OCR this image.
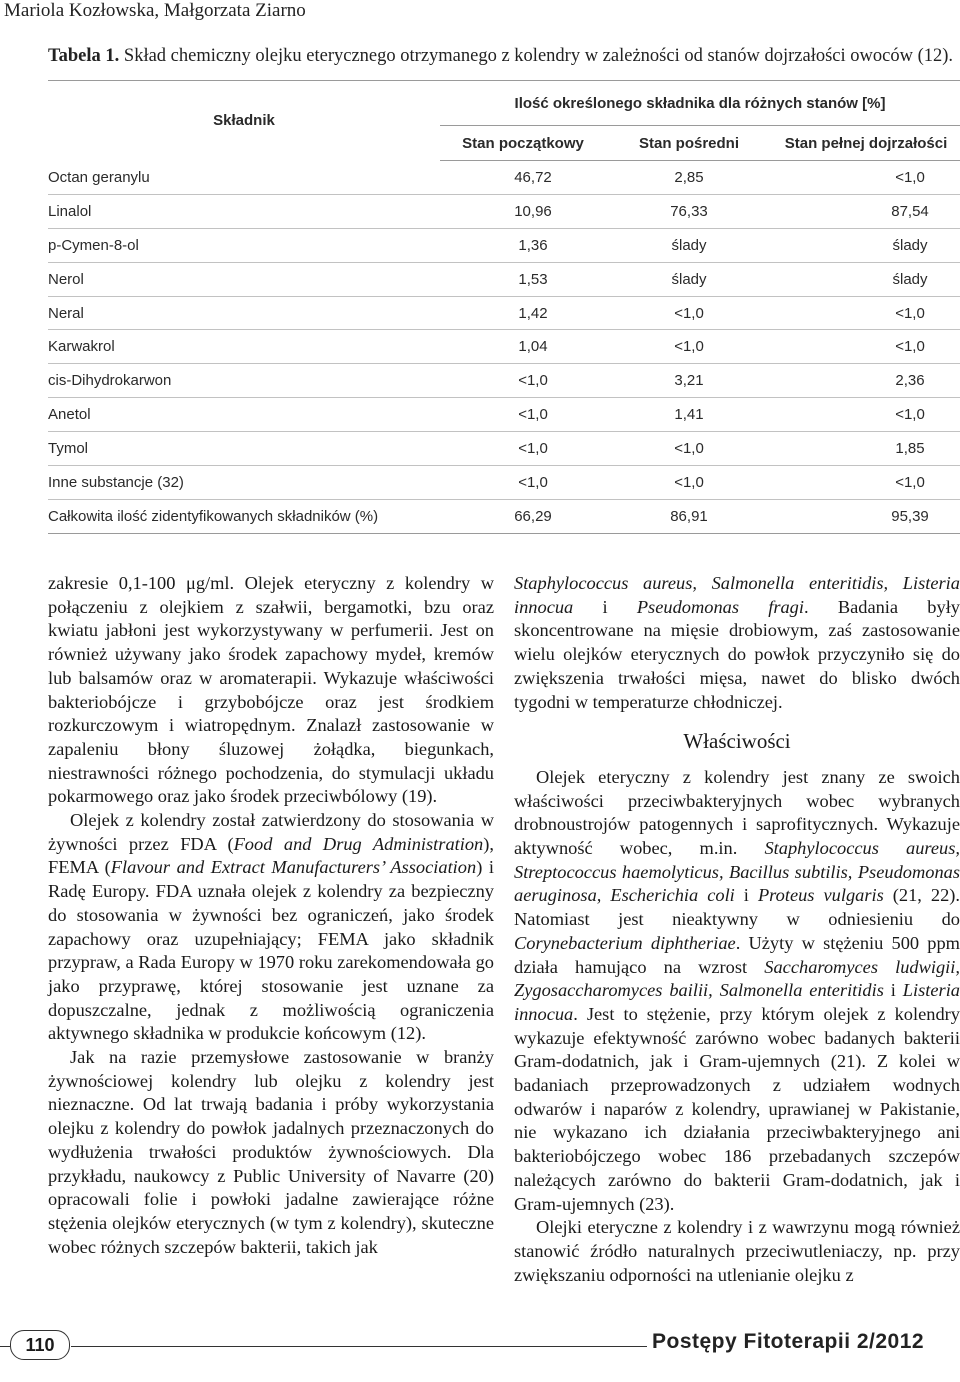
Mariola Kozłowska, Małgorzata Ziarno
Tabela 1. Skład chemiczny olejku eterycznego otrzymanego z kolendry w zależności od stanów dojrzałości owoców (12).
Składnik	Ilość określonego składnika dla różnych stanów [%]		
	Stan początkowy	Stan pośredni	Stan pełnej dojrzałości
Octan geranylu	46,72	2,85	<1,0
Linalol	10,96	76,33	87,54
p-Cymen-8-ol	1,36	ślady	ślady
Nerol	1,53	ślady	ślady
Neral	1,42	<1,0	<1,0
Karwakrol	1,04	<1,0	<1,0
cis-Dihydrokarwon	<1,0	3,21	2,36
Anetol	<1,0	1,41	<1,0
Tymol	<1,0	<1,0	1,85
Inne substancje (32)	<1,0	<1,0	<1,0
Całkowita ilość zidentyfikowanych składników (%)	66,29	86,91	95,39

zakresie 0,1-100 μg/ml. Olejek eteryczny z kolendry w połączeniu z olejkiem z szałwii, bergamotki, bzu oraz kwiatu jabłoni jest wykorzystywany w perfumerii. Jest on również używany jako środek zapachowy mydeł, kremów lub balsamów oraz w aromaterapii. Wykazuje właściwości bakteriobójcze i grzybobójcze oraz jest środkiem rozkurczowym i wiatropędnym. Znalazł zastosowanie w zapaleniu błony śluzowej żołądka, biegunkach, niestrawności różnego pochodzenia, do stymulacji układu pokarmowego oraz jako środek przeciwbólowy (19).

Olejek z kolendry został zatwierdzony do stosowania w żywności przez FDA (Food and Drug Administration), FEMA (Flavour and Extract Manufacturers’ Association) i Radę Europy. FDA uznała olejek z kolendry za bezpieczny do stosowania w żywności bez ograniczeń, jako środek zapachowy oraz uzupełniający; FEMA jako składnik przypraw, a Rada Europy w 1970 roku zarekomendowała go jako przyprawę, której stosowanie jest uznane za dopuszczalne, jednak z możliwością ograniczenia aktywnego składnika w produkcie końcowym (12).

Jak na razie przemysłowe zastosowanie w branży żywnościowej kolendry lub olejku z kolendry jest nieznaczne. Od lat trwają badania i próby wykorzystania olejku z kolendry do powłok jadalnych przeznaczonych do wydłużenia trwałości produktów żywnościowych. Dla przykładu, naukowcy z Public University of Navarre (20) opracowali folie i powłoki jadalne zawierające różne stężenia olejków eterycznych (w tym z kolendry), skuteczne wobec różnych szczepów bakterii, takich jak

Staphylococcus aureus, Salmonella enteritidis, Listeria innocua i Pseudomonas fragi. Badania były skoncentrowane na mięsie drobiowym, zaś zastosowanie wielu olejków eterycznych do powłok przyczyniło się do zwiększenia trwałości mięsa, nawet do blisko dwóch tygodni w temperaturze chłodniczej.

Właściwości

Olejek eteryczny z kolendry jest znany ze swoich właściwości przeciwbakteryjnych wobec wybranych drobnoustrojów patogennych i saprofitycznych. Wykazuje aktywność wobec, m.in. Staphylococcus aureus, Streptococcus haemolyticus, Bacillus subtilis, Pseudomonas aeruginosa, Escherichia coli i Proteus vulgaris (21, 22). Natomiast jest nieaktywny w odniesieniu do Corynebacterium diphtheriae. Użyty w stężeniu 500 ppm działa hamująco na wzrost Saccharomyces ludwigii, Zygosaccharomyces bailii, Salmonella enteritidis i Listeria innocua. Jest to stężenie, przy którym olejek z kolendry wykazuje efektywność zarówno wobec badanych bakterii Gram-dodatnich, jak i Gram-ujemnych (21). Z kolei w badaniach przeprowadzonych z udziałem wodnych odwarów i naparów z kolendry, uprawianej w Pakistanie, nie wykazano ich działania przeciwbakteryjnego ani bakteriobójczego wobec 186 przebadanych szczepów należących zarówno do bakterii Gram-dodatnich, jak i Gram-ujemnych (23).

Olejki eteryczne z kolendry i z wawrzynu mogą również stanowić źródło naturalnych przeciwutleniaczy, np. przy zwiększaniu odporności na utlenianie olejku z

110	Postępy Fitoterapii 2/2012
